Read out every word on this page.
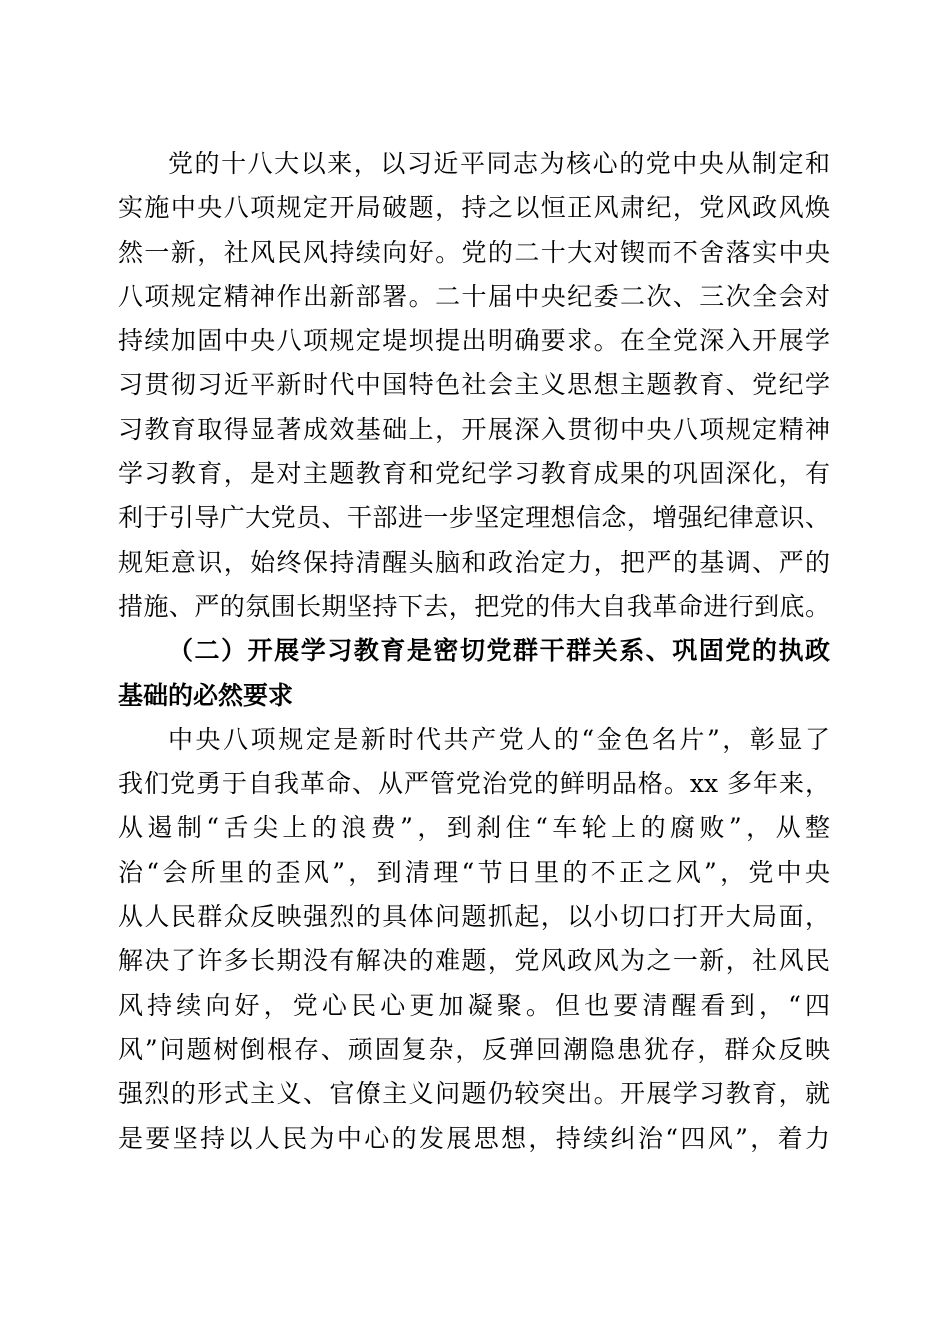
党的十八大以来，以习近平同志为核心的党中央从制定和
实施中央八项规定开局破题，持之以恒正风肃纪，党风政风焕
然一新，社风民风持续向好。党的二十大对锲而不舍落实中央
八项规定精神作出新部署。二十届中央纪委二次、三次全会对
持续加固中央八项规定堤坝提出明确要求。在全党深入开展学
习贯彻习近平新时代中国特色社会主义思想主题教育、党纪学
习教育取得显著成效基础上，开展深入贯彻中央八项规定精神
学习教育，是对主题教育和党纪学习教育成果的巩固深化，有
利于引导广大党员、干部进一步坚定理想信念，增强纪律意识、
规矩意识，始终保持清醒头脑和政治定力，把严的基调、严的
措施、严的氛围长期坚持下去，把党的伟大自我革命进行到底。
（二）开展学习教育是密切党群干群关系、巩固党的执政
基础的必然要求
中央八项规定是新时代共产党人的“金色名片”，彰显了
我们党勇于自我革命、从严管党治党的鲜明品格。xx 多年来，
从遏制“舌尖上的浪费”，到刹住“车轮上的腐败”，从整
治“会所里的歪风”，到清理“节日里的不正之风”，党中央
从人民群众反映强烈的具体问题抓起，以小切口打开大局面，
解决了许多长期没有解决的难题，党风政风为之一新，社风民
风持续向好，党心民心更加凝聚。但也要清醒看到，“四
风”问题树倒根存、顽固复杂，反弹回潮隐患犹存，群众反映
强烈的形式主义、官僚主义问题仍较突出。开展学习教育，就
是要坚持以人民为中心的发展思想，持续纠治“四风”，着力
